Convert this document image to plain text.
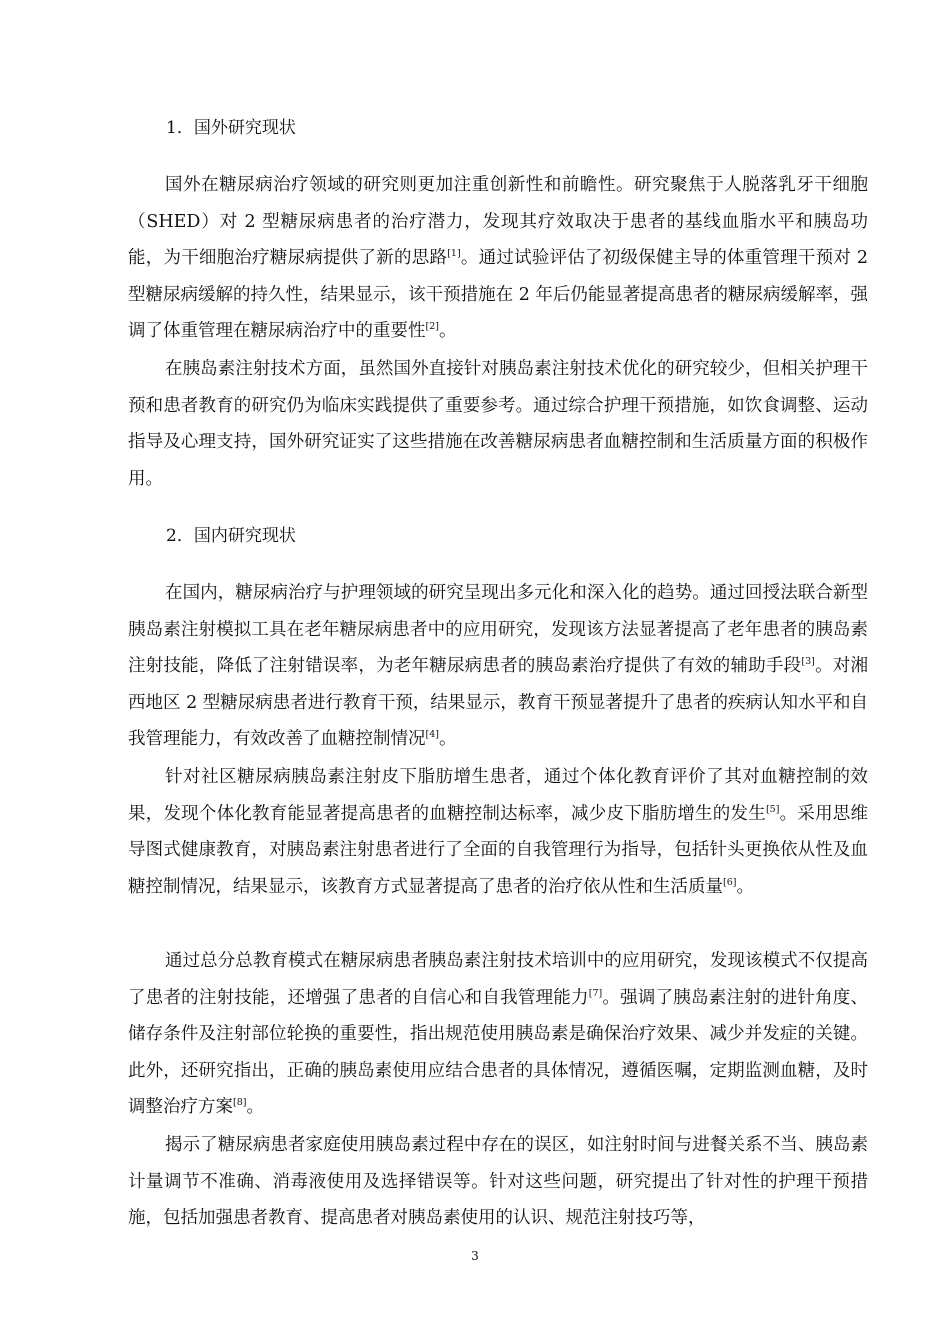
1．国外研究现状
国外在糖尿病治疗领域的研究则更加注重创新性和前瞻性。研究聚焦于人脱落乳牙干细胞（SHED）对 2 型糖尿病患者的治疗潜力，发现其疗效取决于患者的基线血脂水平和胰岛功能，为干细胞治疗糖尿病提供了新的思路[1]。通过试验评估了初级保健主导的体重管理干预对 2 型糖尿病缓解的持久性，结果显示，该干预措施在 2 年后仍能显著提高患者的糖尿病缓解率，强调了体重管理在糖尿病治疗中的重要性[2]。
在胰岛素注射技术方面，虽然国外直接针对胰岛素注射技术优化的研究较少，但相关护理干预和患者教育的研究仍为临床实践提供了重要参考。通过综合护理干预措施，如饮食调整、运动指导及心理支持，国外研究证实了这些措施在改善糖尿病患者血糖控制和生活质量方面的积极作用。
2．国内研究现状
在国内，糖尿病治疗与护理领域的研究呈现出多元化和深入化的趋势。通过回授法联合新型胰岛素注射模拟工具在老年糖尿病患者中的应用研究，发现该方法显著提高了老年患者的胰岛素注射技能，降低了注射错误率，为老年糖尿病患者的胰岛素治疗提供了有效的辅助手段[3]。对湘西地区 2 型糖尿病患者进行教育干预，结果显示，教育干预显著提升了患者的疾病认知水平和自我管理能力，有效改善了血糖控制情况[4]。
针对社区糖尿病胰岛素注射皮下脂肪增生患者，通过个体化教育评价了其对血糖控制的效果，发现个体化教育能显著提高患者的血糖控制达标率，减少皮下脂肪增生的发生[5]。采用思维导图式健康教育，对胰岛素注射患者进行了全面的自我管理行为指导，包括针头更换依从性及血糖控制情况，结果显示，该教育方式显著提高了患者的治疗依从性和生活质量[6]。
通过总分总教育模式在糖尿病患者胰岛素注射技术培训中的应用研究，发现该模式不仅提高了患者的注射技能，还增强了患者的自信心和自我管理能力[7]。强调了胰岛素注射的进针角度、储存条件及注射部位轮换的重要性，指出规范使用胰岛素是确保治疗效果、减少并发症的关键。此外，还研究指出，正确的胰岛素使用应结合患者的具体情况，遵循医嘱，定期监测血糖，及时调整治疗方案[8]。
揭示了糖尿病患者家庭使用胰岛素过程中存在的误区，如注射时间与进餐关系不当、胰岛素计量调节不准确、消毒液使用及选择错误等。针对这些问题，研究提出了针对性的护理干预措施，包括加强患者教育、提高患者对胰岛素使用的认识、规范注射技巧等，
3
